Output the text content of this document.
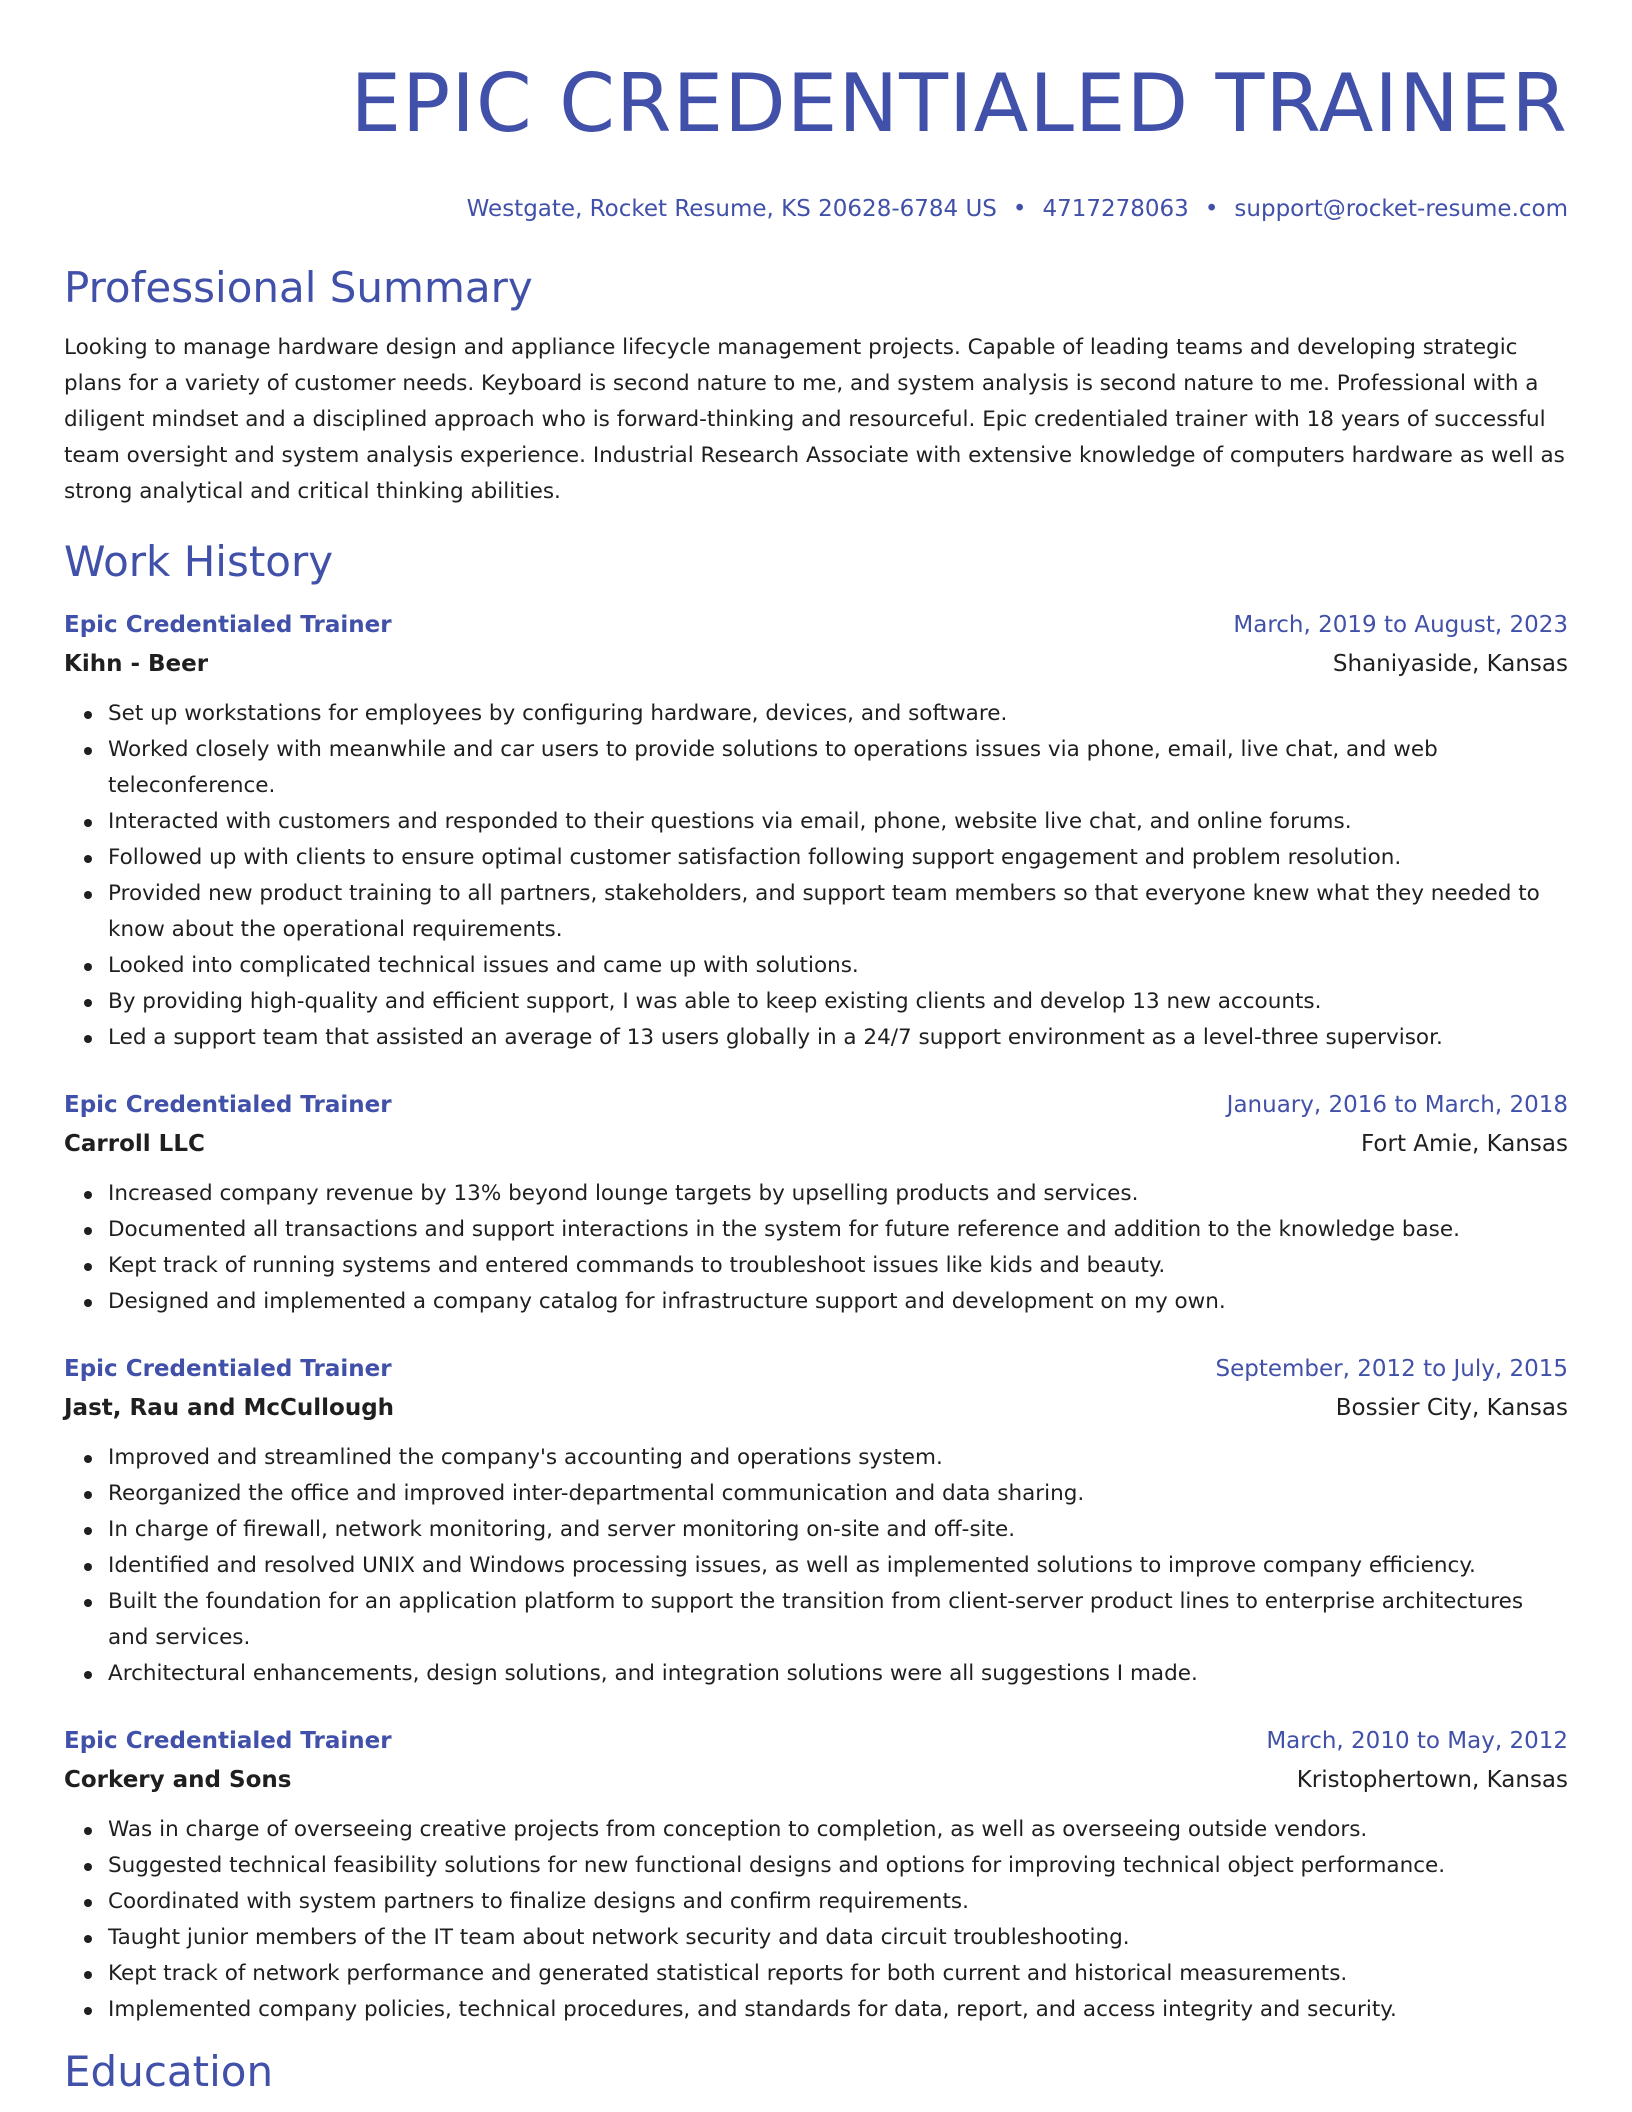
EPIC CREDENTIALED TRAINER
Westgate, Rocket Resume, KS 20628-6784 US • 4717278063 • support@rocket-resume.com
Professional Summary
Looking to manage hardware design and appliance lifecycle management projects. Capable of leading teams and developing strategic plans for a variety of customer needs. Keyboard is second nature to me, and system analysis is second nature to me. Professional with a diligent mindset and a disciplined approach who is forward-thinking and resourceful. Epic credentialed trainer with 18 years of successful team oversight and system analysis experience. Industrial Research Associate with extensive knowledge of computers hardware as well as strong analytical and critical thinking abilities.
Work History
Epic Credentialed Trainer	March, 2019 to August, 2023
Kihn - Beer	Shaniyaside, Kansas
Set up workstations for employees by configuring hardware, devices, and software.
Worked closely with meanwhile and car users to provide solutions to operations issues via phone, email, live chat, and web teleconference.
Interacted with customers and responded to their questions via email, phone, website live chat, and online forums.
Followed up with clients to ensure optimal customer satisfaction following support engagement and problem resolution.
Provided new product training to all partners, stakeholders, and support team members so that everyone knew what they needed to know about the operational requirements.
Looked into complicated technical issues and came up with solutions.
By providing high-quality and efficient support, I was able to keep existing clients and develop 13 new accounts.
Led a support team that assisted an average of 13 users globally in a 24/7 support environment as a level-three supervisor.
Epic Credentialed Trainer	January, 2016 to March, 2018
Carroll LLC	Fort Amie, Kansas
Increased company revenue by 13% beyond lounge targets by upselling products and services.
Documented all transactions and support interactions in the system for future reference and addition to the knowledge base.
Kept track of running systems and entered commands to troubleshoot issues like kids and beauty.
Designed and implemented a company catalog for infrastructure support and development on my own.
Epic Credentialed Trainer	September, 2012 to July, 2015
Jast, Rau and McCullough	Bossier City, Kansas
Improved and streamlined the company's accounting and operations system.
Reorganized the office and improved inter-departmental communication and data sharing.
In charge of firewall, network monitoring, and server monitoring on-site and off-site.
Identified and resolved UNIX and Windows processing issues, as well as implemented solutions to improve company efficiency.
Built the foundation for an application platform to support the transition from client-server product lines to enterprise architectures and services.
Architectural enhancements, design solutions, and integration solutions were all suggestions I made.
Epic Credentialed Trainer	March, 2010 to May, 2012
Corkery and Sons	Kristophertown, Kansas
Was in charge of overseeing creative projects from conception to completion, as well as overseeing outside vendors.
Suggested technical feasibility solutions for new functional designs and options for improving technical object performance.
Coordinated with system partners to finalize designs and confirm requirements.
Taught junior members of the IT team about network security and data circuit troubleshooting.
Kept track of network performance and generated statistical reports for both current and historical measurements.
Implemented company policies, technical procedures, and standards for data, report, and access integrity and security.
Education
